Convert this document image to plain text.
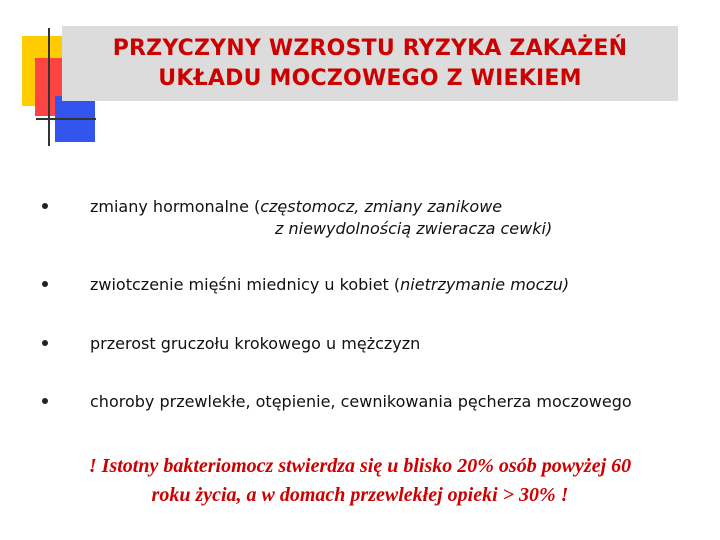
PRZYCZYNY WZROSTU RYZYKA ZAKAŻEŃ
UKŁADU MOCZOWEGO Z WIEKIEM
zmiany hormonalne (częstomocz, zmiany zanikowe
z niewydolnością zwieracza cewki)
zwiotczenie mięśni miednicy u kobiet (nietrzymanie moczu)
przerost gruczołu krokowego u mężczyzn
choroby przewlekłe, otępienie, cewnikowania pęcherza moczowego
! Istotny bakteriomocz stwierdza się u blisko 20% osób powyżej 60
roku życia, a w domach przewlekłej opieki > 30% !
